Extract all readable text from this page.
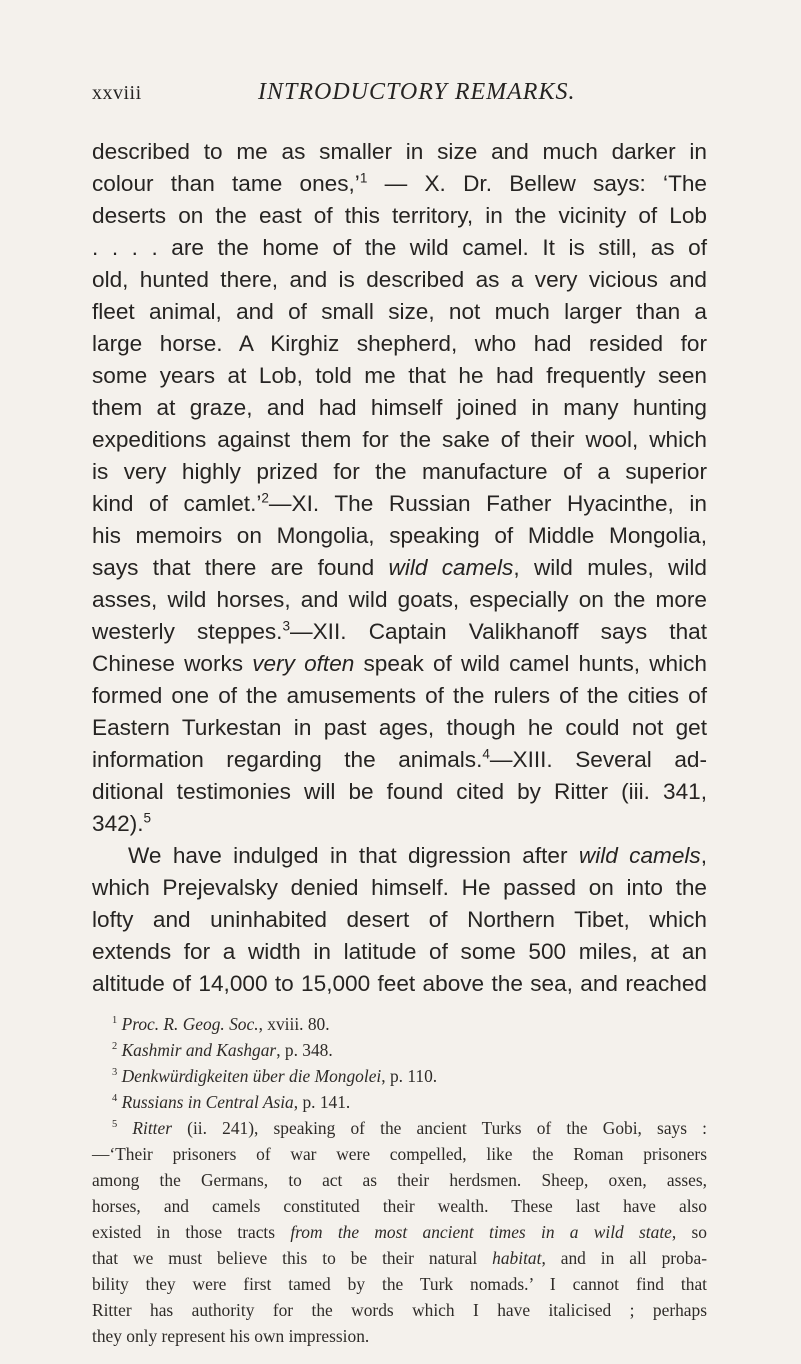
xxviii	INTRODUCTORY REMARKS.
described to me as smaller in size and much darker in
colour than tame ones,’$^1$ — X. Dr. Bellew says: ‘The
deserts on the east of this territory, in the vicinity of Lob
. . . . are the home of the wild camel. It is still, as of
old, hunted there, and is described as a very vicious and
fleet animal, and of small size, not much larger than a
large horse. A Kirghiz shepherd, who had resided for
some years at Lob, told me that he had frequently seen
them at graze, and had himself joined in many hunting
expeditions against them for the sake of their wool, which
is very highly prized for the manufacture of a superior
kind of camlet.’$^2$—XI. The Russian Father Hyacinthe, in
his memoirs on Mongolia, speaking of Middle Mongolia,
says that there are found wild camels, wild mules, wild
asses, wild horses, and wild goats, especially on the more
westerly steppes.$^3$—XII. Captain Valikhanoff says that
Chinese works very often speak of wild camel hunts, which
formed one of the amusements of the rulers of the cities of
Eastern Turkestan in past ages, though he could not get
information regarding the animals.$^4$—XIII. Several ad-
ditional testimonies will be found cited by Ritter (iii. 341,
342).$^5$
We have indulged in that digression after wild camels,
which Prejevalsky denied himself. He passed on into the
lofty and uninhabited desert of Northern Tibet, which
extends for a width in latitude of some 500 miles, at an
altitude of 14,000 to 15,000 feet above the sea, and reached
$^1$ Proc. R. Geog. Soc., xviii. 80.
$^2$ Kashmir and Kashgar, p. 348.
$^3$ Denkwürdigkeiten über die Mongolei, p. 110.
$^4$ Russians in Central Asia, p. 141.
$^5$ Ritter (ii. 241), speaking of the ancient Turks of the Gobi, says :
—‘Their prisoners of war were compelled, like the Roman prisoners
among the Germans, to act as their herdsmen. Sheep, oxen, asses,
horses, and camels constituted their wealth. These last have also
existed in those tracts from the most ancient times in a wild state, so
that we must believe this to be their natural habitat, and in all proba-
bility they were first tamed by the Turk nomads.’ I cannot find that
Ritter has authority for the words which I have italicised ; perhaps
they only represent his own impression.
